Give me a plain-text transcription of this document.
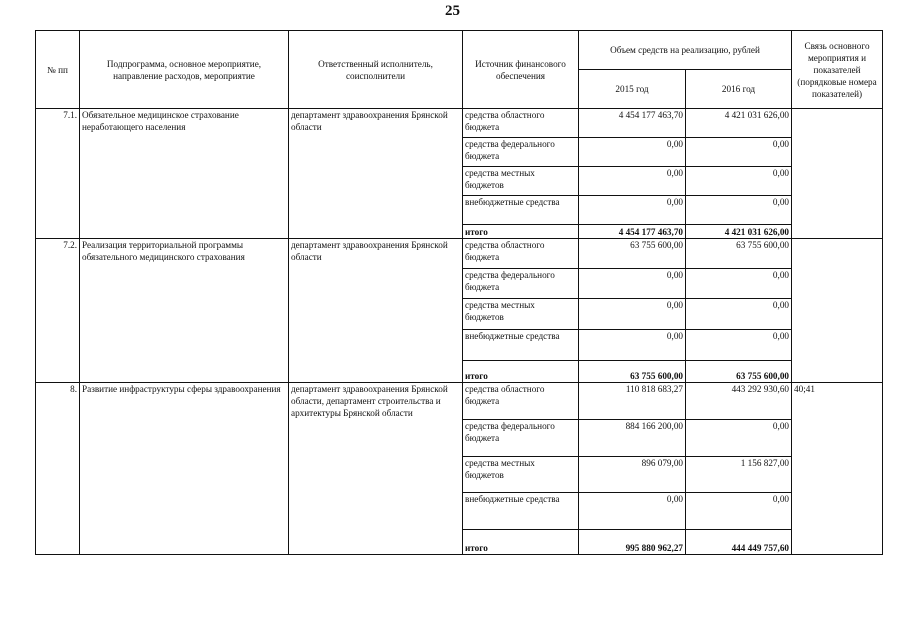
25
№ пп	Подпрограмма, основное мероприятие, направление расходов, мероприятие	Ответственный исполнитель, соисполнители	Источник финансового обеспечения	Объем средств на реализацию, рублей		Связь основного мероприятия и показателей (порядковые номера показателей)
				2015 год	2016 год	
7.1.	Обязательное медицинское страхование неработающего населения	департамент здравоохранения Брянской области	средства областного бюджета	4 454 177 463,70	4 421 031 626,00	
			средства федерального бюджета	0,00	0,00	
			средства местных бюджетов	0,00	0,00	
			внебюджетные средства	0,00	0,00	
			итого	4 454 177 463,70	4 421 031 626,00	
7.2.	Реализация территориальной программы обязательного медицинского страхования	департамент здравоохранения Брянской области	средства областного бюджета	63 755 600,00	63 755 600,00	
			средства федерального бюджета	0,00	0,00	
			средства местных бюджетов	0,00	0,00	
			внебюджетные средства	0,00	0,00	
			итого	63 755 600,00	63 755 600,00	
8.	Развитие инфраструктуры сферы здравоохранения	департамент здравоохранения Брянской области, департамент строительства и архитектуры Брянской области	средства областного бюджета	110 818 683,27	443 292 930,60	40;41
			средства федерального бюджета	884 166 200,00	0,00	
			средства местных бюджетов	896 079,00	1 156 827,00	
			внебюджетные средства	0,00	0,00	
			итого	995 880 962,27	444 449 757,60	
